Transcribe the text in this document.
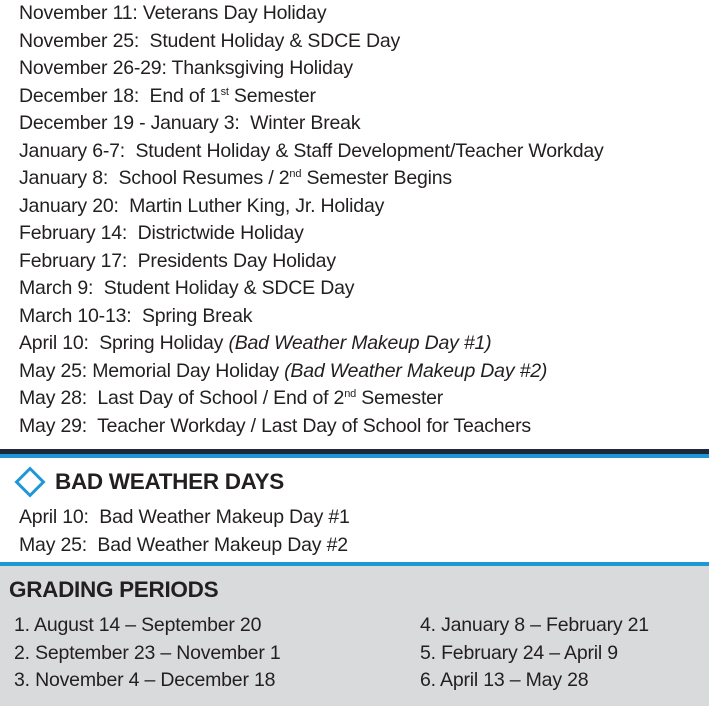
November 11: Veterans Day Holiday
November 25: Student Holiday & SDCE Day
November 26-29: Thanksgiving Holiday
December 18: End of 1st Semester
December 19 - January 3: Winter Break
January 6-7: Student Holiday & Staff Development/Teacher Workday
January 8: School Resumes / 2nd Semester Begins
January 20: Martin Luther King, Jr. Holiday
February 14: Districtwide Holiday
February 17: Presidents Day Holiday
March 9: Student Holiday & SDCE Day
March 10-13: Spring Break
April 10: Spring Holiday (Bad Weather Makeup Day #1)
May 25: Memorial Day Holiday (Bad Weather Makeup Day #2)
May 28: Last Day of School / End of 2nd Semester
May 29: Teacher Workday / Last Day of School for Teachers
BAD WEATHER DAYS
April 10: Bad Weather Makeup Day #1
May 25: Bad Weather Makeup Day #2
GRADING PERIODS
1. August 14 – September 20
2. September 23 – November 1
3. November 4 – December 18
4. January 8 – February 21
5. February 24 – April 9
6. April 13 – May 28
